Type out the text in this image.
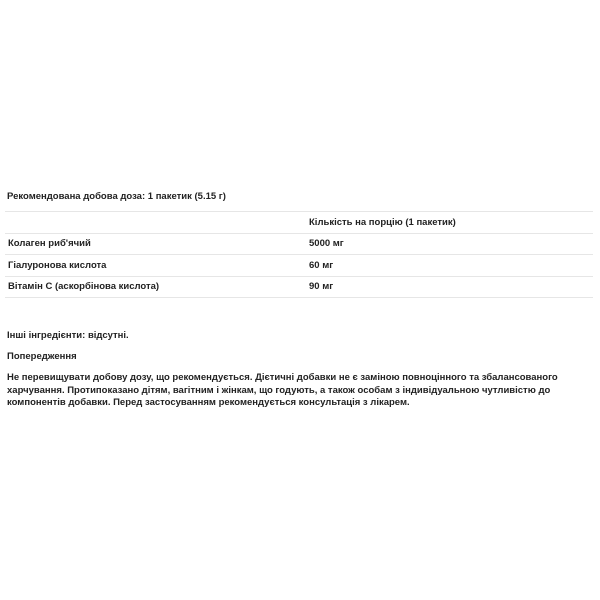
Рекомендована добова доза: 1 пакетик (5.15 г)
	Кількість на порцію (1 пакетик)
Колаген риб'ячий	5000 мг
Гіалуронова кислота	60 мг
Вітамін C (аскорбінова кислота)	90 мг

Інші інгредієнти: відсутні.

Попередження

Не перевищувати добову дозу, що рекомендується. Дієтичні добавки не є заміною повноцінного та збалансованого
харчування. Протипоказано дітям, вагітним і жінкам, що годують, а також особам з індивідуальною чутливістю до
компонентів добавки. Перед застосуванням рекомендується консультація з лікарем.
